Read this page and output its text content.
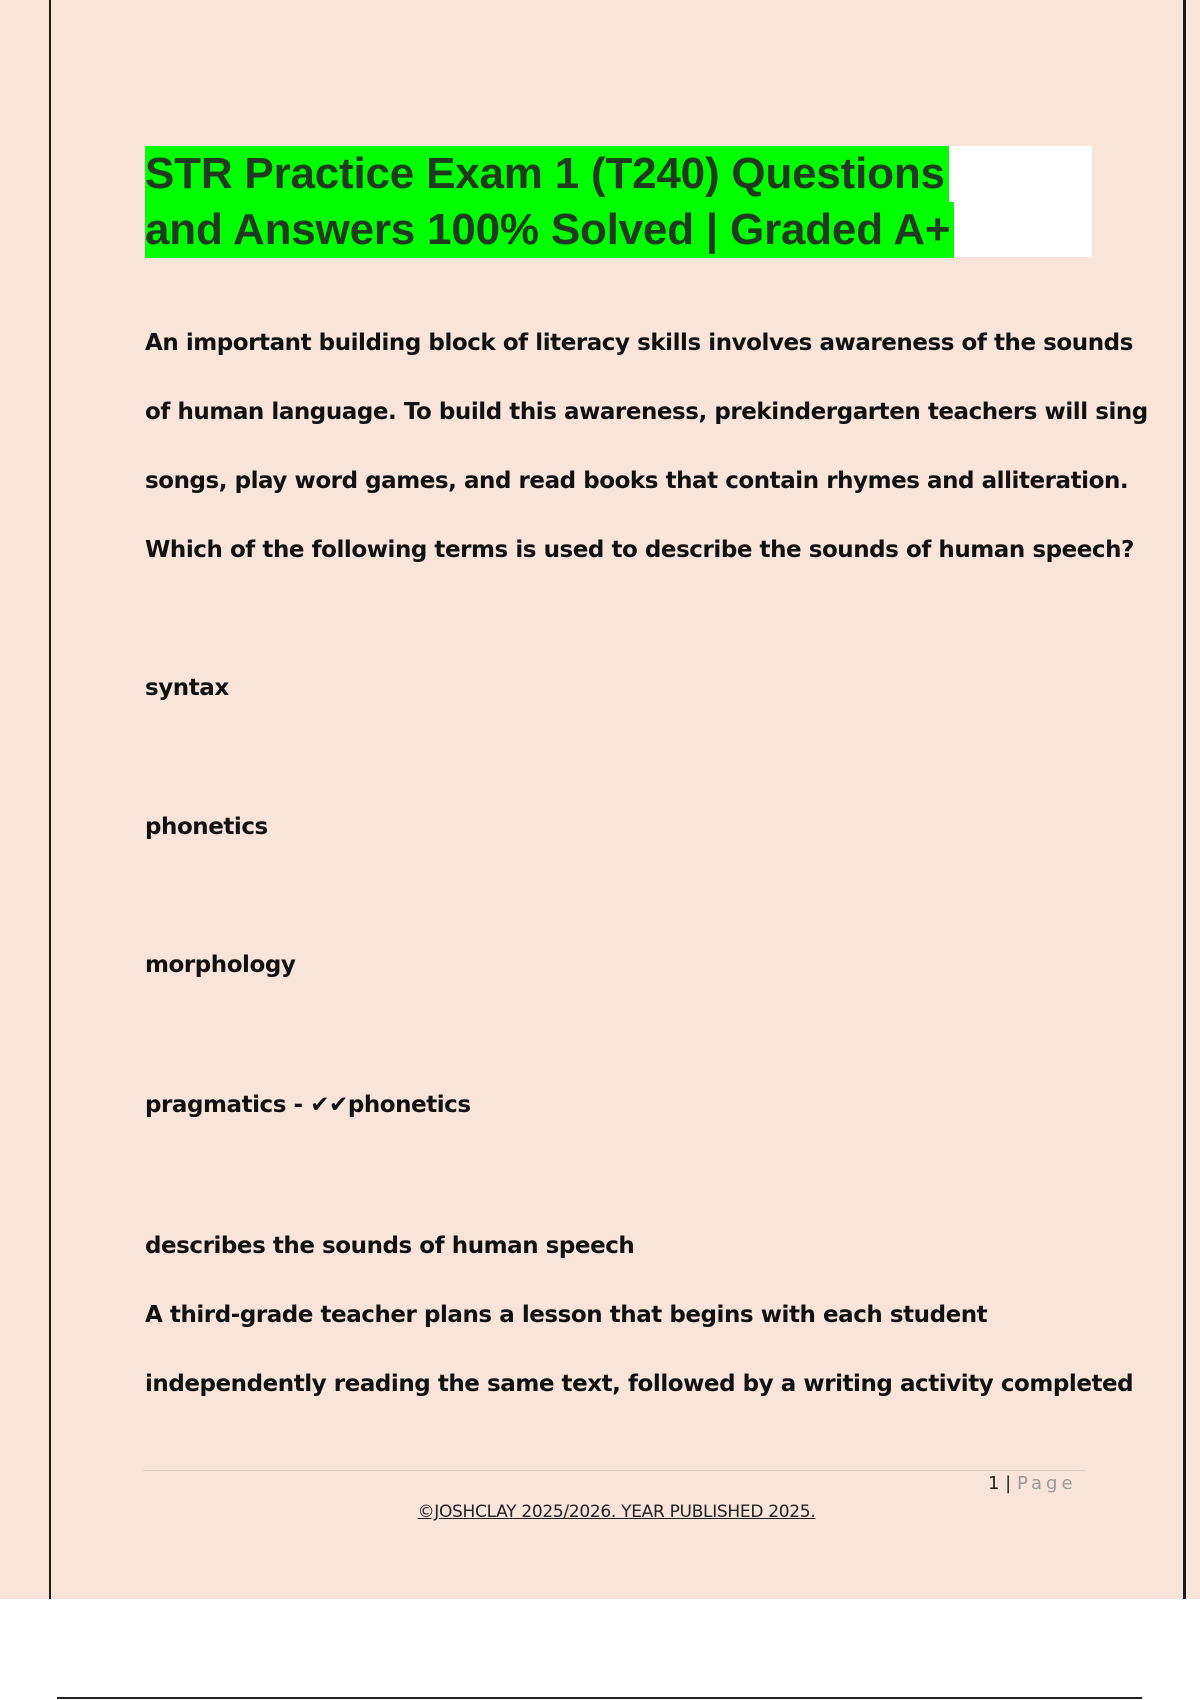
STR Practice Exam 1 (T240) Questions
and Answers 100% Solved | Graded A+

An important building block of literacy skills involves awareness of the sounds

of human language. To build this awareness, prekindergarten teachers will sing

songs, play word games, and read books that contain rhymes and alliteration.

Which of the following terms is used to describe the sounds of human speech?

syntax

phonetics

morphology

pragmatics - ✔✔phonetics

describes the sounds of human speech

A third-grade teacher plans a lesson that begins with each student

independently reading the same text, followed by a writing activity completed

1 | Page
©JOSHCLAY 2025/2026. YEAR PUBLISHED 2025.
